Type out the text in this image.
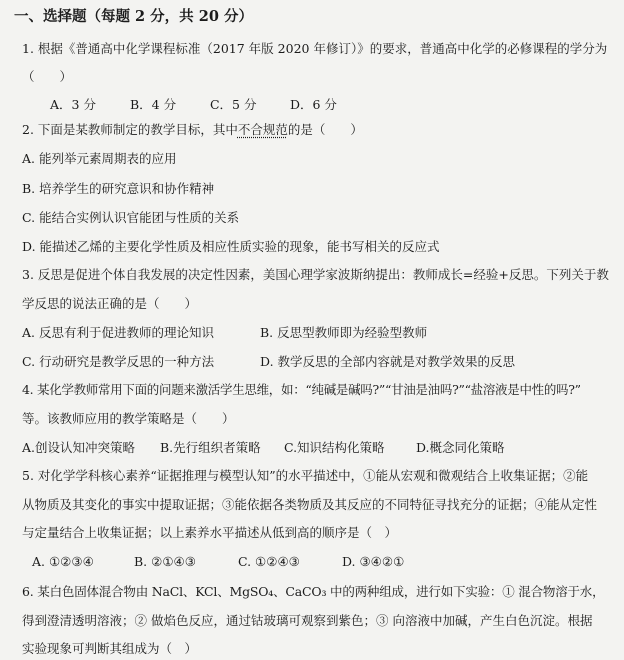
一、选择题（每题 2 分，共 20 分）
1. 根据《普通高中化学课程标准（2017 年版 2020 年修订）》的要求，普通高中化学的必修课程的学分为
（　　）
A．3 分	B．4 分	C．5 分	D．6 分
2. 下面是某教师制定的教学目标，其中不合规范的是（　　）
A. 能列举元素周期表的应用
B. 培养学生的研究意识和协作精神
C. 能结合实例认识官能团与性质的关系
D. 能描述乙烯的主要化学性质及相应性质实验的现象，能书写相关的反应式
3. 反思是促进个体自我发展的决定性因素，美国心理学家波斯纳提出：教师成长=经验+反思。下列关于教
学反思的说法正确的是（　　）
A. 反思有利于促进教师的理论知识	B. 反思型教师即为经验型教师
C. 行动研究是教学反思的一种方法	D. 教学反思的全部内容就是对教学效果的反思
4. 某化学教师常用下面的问题来激活学生思维，如：“纯碱是碱吗?”“甘油是油吗?”“盐溶液是中性的吗?”
等。该教师应用的教学策略是（　　）
A.创设认知冲突策略 B.先行组织者策略 C.知识结构化策略	D.概念同化策略
5. 对化学学科核心素养“证据推理与模型认知”的水平描述中，①能从宏观和微观结合上收集证据；②能
从物质及其变化的事实中提取证据；③能依据各类物质及其反应的不同特征寻找充分的证据；④能从定性
与定量结合上收集证据；以上素养水平描述从低到高的顺序是（　）
A. ①②③④	B. ②①④③	C. ①②④③	D. ③④②①
6. 某白色固体混合物由 NaCl、KCl、MgSO₄、CaCO₃ 中的两种组成，进行如下实验：① 混合物溶于水，
得到澄清透明溶液；② 做焰色反应，通过钴玻璃可观察到紫色；③ 向溶液中加碱，产生白色沉淀。根据
实验现象可判断其组成为（　）
